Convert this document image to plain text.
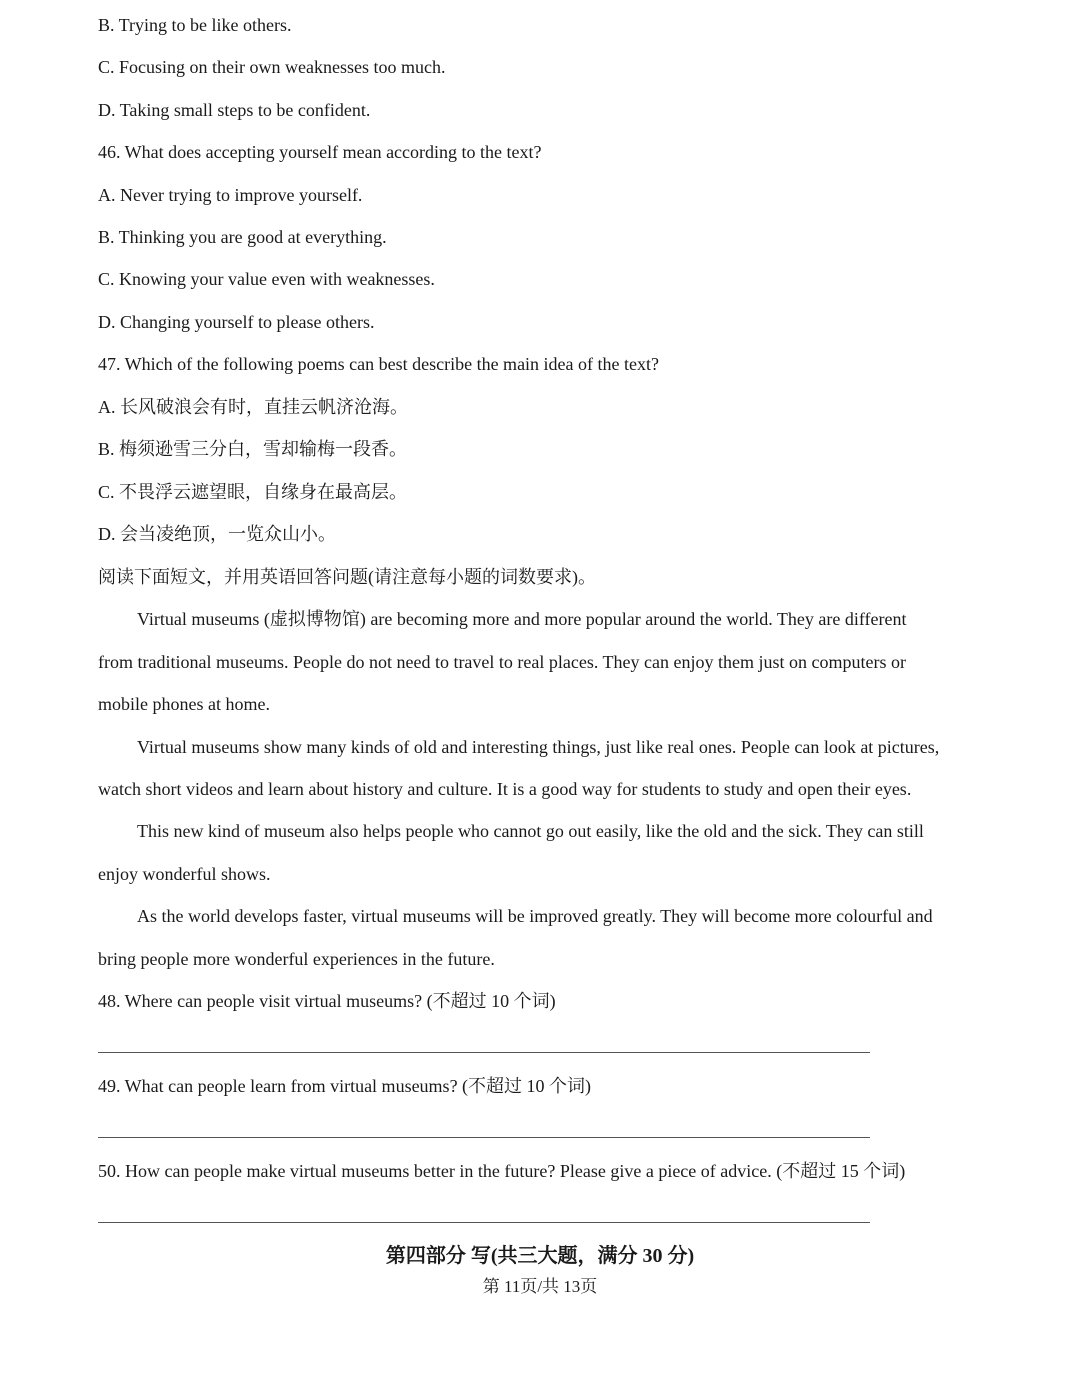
B. Trying to be like others.
C. Focusing on their own weaknesses too much.
D. Taking small steps to be confident.
46. What does accepting yourself mean according to the text?
A. Never trying to improve yourself.
B. Thinking you are good at everything.
C. Knowing your value even with weaknesses.
D. Changing yourself to please others.
47. Which of the following poems can best describe the main idea of the text?
A. 长风破浪会有时，直挂云帆济沧海。
B. 梅须逊雪三分白，雪却输梅一段香。
C. 不畏浮云遮望眼，自缘身在最高层。
D. 会当凌绝顶，一览众山小。
阅读下面短文，并用英语回答问题(请注意每小题的词数要求)。
Virtual museums (虚拟博物馆) are becoming more and more popular around the world. They are different
from traditional museums. People do not need to travel to real places. They can enjoy them just on computers or
mobile phones at home.
Virtual museums show many kinds of old and interesting things, just like real ones. People can look at pictures,
watch short videos and learn about history and culture. It is a good way for students to study and open their eyes.
This new kind of museum also helps people who cannot go out easily, like the old and the sick. They can still
enjoy wonderful shows.
As the world develops faster, virtual museums will be improved greatly. They will become more colourful and
bring people more wonderful experiences in the future.
48. Where can people visit virtual museums? (不超过 10 个词)
49. What can people learn from virtual museums? (不超过 10 个词)
50. How can people make virtual museums better in the future? Please give a piece of advice. (不超过 15 个词)
第四部分 写(共三大题，满分 30 分)
第 11页/共 13页
